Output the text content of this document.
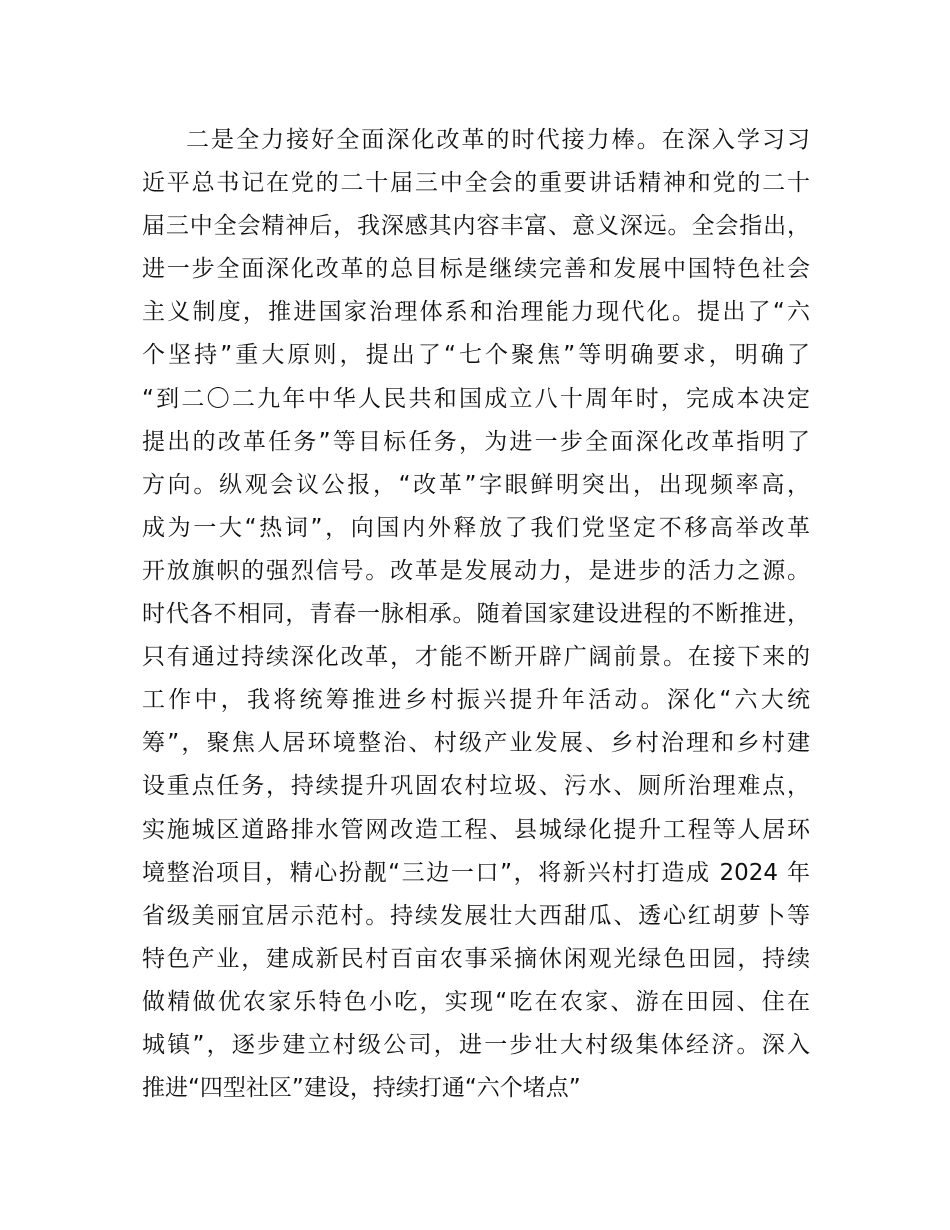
二是全力接好全面深化改革的时代接力棒。在深入学习习
近平总书记在党的二十届三中全会的重要讲话精神和党的二十
届三中全会精神后，我深感其内容丰富、意义深远。全会指出，
进一步全面深化改革的总目标是继续完善和发展中国特色社会
主义制度，推进国家治理体系和治理能力现代化。提出了“六
个坚持”重大原则，提出了“七个聚焦”等明确要求，明确了
“到二〇二九年中华人民共和国成立八十周年时，完成本决定
提出的改革任务”等目标任务，为进一步全面深化改革指明了
方向。纵观会议公报，“改革”字眼鲜明突出，出现频率高，
成为一大“热词”，向国内外释放了我们党坚定不移高举改革
开放旗帜的强烈信号。改革是发展动力，是进步的活力之源。
时代各不相同，青春一脉相承。随着国家建设进程的不断推进，
只有通过持续深化改革，才能不断开辟广阔前景。在接下来的
工作中，我将统筹推进乡村振兴提升年活动。深化“六大统
筹”，聚焦人居环境整治、村级产业发展、乡村治理和乡村建
设重点任务，持续提升巩固农村垃圾、污水、厕所治理难点，
实施城区道路排水管网改造工程、县城绿化提升工程等人居环
境整治项目，精心扮靓“三边一口”，将新兴村打造成 2024 年
省级美丽宜居示范村。持续发展壮大西甜瓜、透心红胡萝卜等
特色产业，建成新民村百亩农事采摘休闲观光绿色田园，持续
做精做优农家乐特色小吃，实现“吃在农家、游在田园、住在
城镇”，逐步建立村级公司，进一步壮大村级集体经济。深入
推进“四型社区”建设，持续打通“六个堵点”
